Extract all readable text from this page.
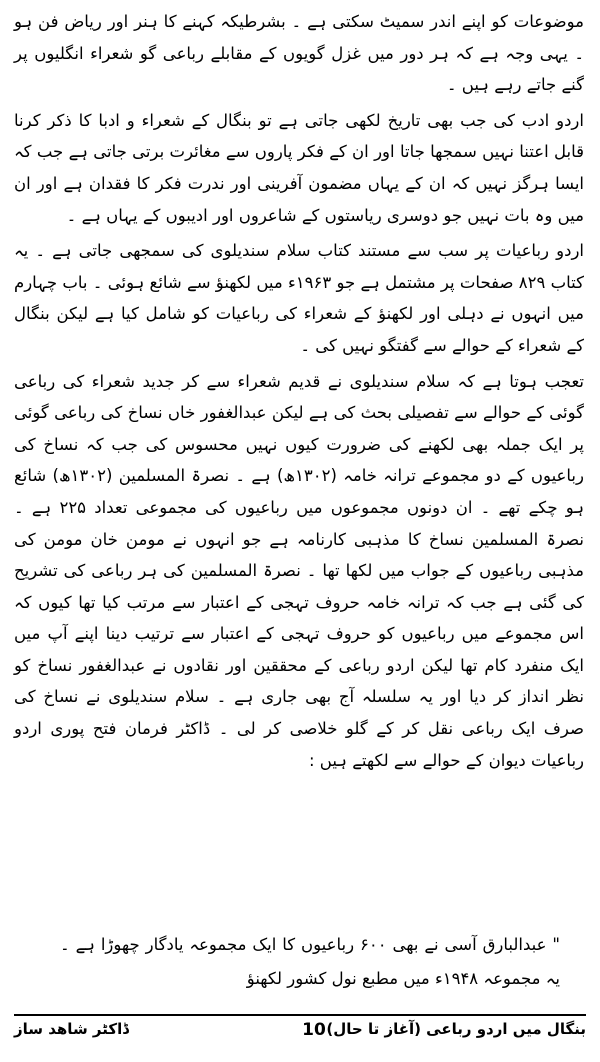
موضوعات کو اپنے اندر سمیٹ سکتی ہے ۔ بشرطیکہ کہنے کا ہنر اور ریاض فن ہو ۔ یہی وجہ ہے کہ ہر دور میں غزل گویوں کے مقابلے رباعی گو شعراء انگلیوں پر گنے جاتے رہے ہیں ۔

اردو ادب کی جب بھی تاریخ لکھی جاتی ہے تو بنگال کے شعراء و ادبا کا ذکر کرنا قابل اعتنا نہیں سمجھا جاتا اور ان کے فکر پاروں سے مغائرت برتی جاتی ہے جب کہ ایسا ہرگز نہیں کہ ان کے یہاں مضمون آفرینی اور ندرت فکر کا فقدان ہے اور ان میں وہ بات نہیں جو دوسری ریاستوں کے شاعروں اور ادیبوں کے یہاں ہے ۔

اردو رباعیات پر سب سے مستند کتاب سلام سندیلوی کی سمجھی جاتی ہے ۔ یہ کتاب ۸۲۹ صفحات پر مشتمل ہے جو ۱۹۶۳ء میں لکھنؤ سے شائع ہوئی ۔ باب چہارم میں انہوں نے دہلی اور لکھنؤ کے شعراء کی رباعیات کو شامل کیا ہے لیکن بنگال کے شعراء کے حوالے سے گفتگو نہیں کی ۔

تعجب ہوتا ہے کہ سلام سندیلوی نے قدیم شعراء سے کر جدید شعراء کی رباعی گوئی کے حوالے سے تفصیلی بحث کی ہے لیکن عبدالغفور خاں نساخ کی رباعی گوئی پر ایک جملہ بھی لکھنے کی ضرورت کیوں نہیں محسوس کی جب کہ نساخ کی رباعیوں کے دو مجموعے ترانہ خامہ (۱۳۰۲ھ) ہے ۔ نصرۃ المسلمین (۱۳۰۲ھ) شائع ہو چکے تھے ۔ ان دونوں مجموعوں میں رباعیوں کی مجموعی تعداد ۲۲۵ ہے ۔ نصرۃ المسلمین نساخ کا مذہبی کارنامہ ہے جو انہوں نے مومن خان مومن کی مذہبی رباعیوں کے جواب میں لکھا تھا ۔ نصرۃ المسلمین کی ہر رباعی کی تشریح کی گئی ہے جب کہ ترانہ خامہ حروف تہجی کے اعتبار سے مرتب کیا تھا کیوں کہ اس مجموعے میں رباعیوں کو حروف تہجی کے اعتبار سے ترتیب دینا اپنے آپ میں ایک منفرد کام تھا لیکن اردو رباعی کے محققین اور نقادوں نے عبدالغفور نساخ کو نظر انداز کر دیا اور یہ سلسلہ آج بھی جاری ہے ۔ سلام سندیلوی نے نساخ کی صرف ایک رباعی نقل کر کے گلو خلاصی کر لی ۔ ڈاکٹر فرمان فتح پوری اردو رباعیات دیوان کے حوالے سے لکھتے ہیں :

" عبدالبارق آسی نے بھی ۶۰۰ رباعیوں کا ایک مجموعہ یادگار چھوڑا ہے ۔ یہ مجموعہ ۱۹۴۸ء میں مطبع نول کشور لکھنؤ
بنگال میں اردو رباعی (آغاز تا حال)
10
ڈاکٹر شاھد ساز
